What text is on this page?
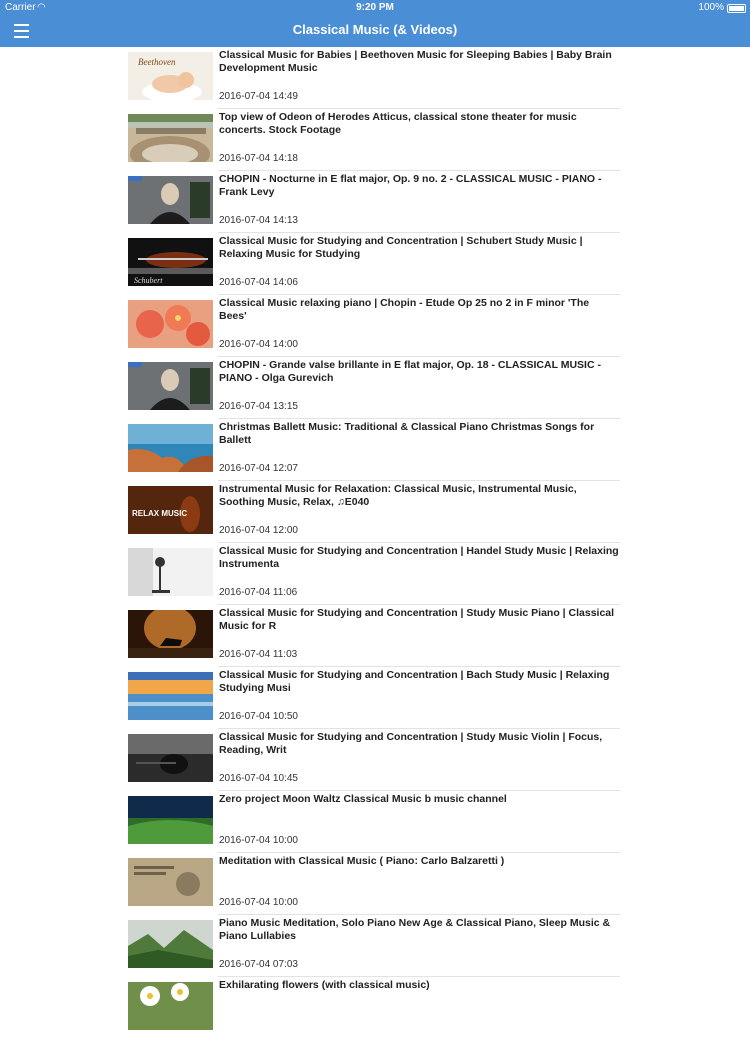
Carrier ◠	9:20 PM	100%
Classical Music (& Videos)
Beethoven
Classical Music for Babies | Beethoven Music for Sleeping Babies | Baby Brain Development Music
2016-07-04 14:49
Top view of Odeon of Herodes Atticus, classical stone theater for music concerts. Stock Footage
2016-07-04 14:18
CHOPIN - Nocturne in E flat major, Op. 9 no. 2 - CLASSICAL MUSIC - PIANO - Frank Levy
2016-07-04 14:13
Schubert
Classical Music for Studying and Concentration | Schubert Study Music | Relaxing Music for Studying
2016-07-04 14:06
Classical Music relaxing piano | Chopin - Etude Op 25 no 2 in F minor 'The Bees'
2016-07-04 14:00
CHOPIN - Grande valse brillante in E flat major, Op. 18 - CLASSICAL MUSIC - PIANO - Olga Gurevich
2016-07-04 13:15
Christmas Ballett Music: Traditional & Classical Piano Christmas Songs for Ballett
2016-07-04 12:07
RELAX MUSIC
Instrumental Music for Relaxation: Classical Music, Instrumental Music, Soothing Music, Relax, ♫E040
2016-07-04 12:00
Classical Music for Studying and Concentration | Handel Study Music | Relaxing Instrumenta
2016-07-04 11:06
Classical Music for Studying and Concentration | Study Music Piano | Classical Music for R
2016-07-04 11:03
Classical Music for Studying and Concentration | Bach Study Music | Relaxing Studying Musi
2016-07-04 10:50
Classical Music for Studying and Concentration | Study Music Violin | Focus, Reading, Writ
2016-07-04 10:45
Zero project Moon Waltz Classical Music b music channel
2016-07-04 10:00
Meditation with Classical Music ( Piano: Carlo Balzaretti )
2016-07-04 10:00
Piano Music Meditation, Solo Piano New Age & Classical Piano, Sleep Music & Piano Lullabies
2016-07-04 07:03
Exhilarating flowers (with classical music)
